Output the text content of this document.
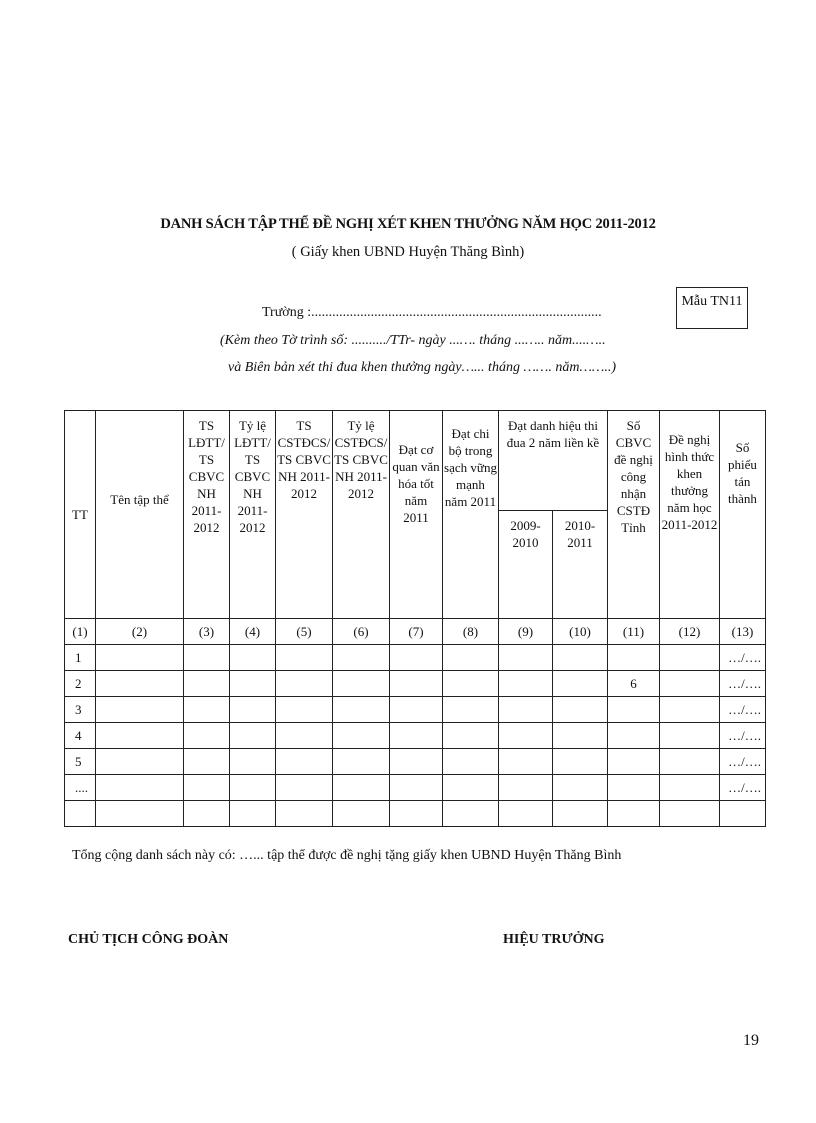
DANH SÁCH TẬP THỂ ĐỀ NGHỊ XÉT KHEN THƯỞNG NĂM HỌC 2011-2012
( Giấy khen UBND Huyện Thăng Bình)
Mẫu TN11
Trường :...................................................................................
(Kèm theo Tờ trình số: ........../TTr- ngày ...…. tháng ...….. năm....…..
và Biên bản xét thi đua khen thưởng ngày…... tháng ……. năm……..)
TT	Tên tập thể	TS LĐTT/ TS CBVC NH 2011-2012	Tỷ lệ LĐTT/ TS CBVC NH 2011-2012	TS CSTĐCS/ TS CBVC NH 2011-2012	Tỷ lệ CSTĐCS/ TS CBVC NH 2011-2012	Đạt cơ quan văn hóa tốt năm 2011	Đạt chi bộ trong sạch vững mạnh năm 2011	Đạt danh hiệu thi đua 2 năm liền kề		Số CBVC đề nghị công nhận CSTĐ Tỉnh	Đề nghị hình thức khen thưởng năm học 2011-2012	Số phiếu tán thành
								2009-2010	2010-2011			
(1)	(2)	(3)	(4)	(5)	(6)	(7)	(8)	(9)	(10)	(11)	(12)	(13)
1												…/….
2										6		…/….
3												…/….
4												…/….
5												…/….
....												…/….

Tổng cộng danh sách này có: …... tập thể được đề nghị tặng giấy khen UBND Huyện Thăng Bình
CHỦ TỊCH CÔNG ĐOÀN	HIỆU TRƯỞNG
19
